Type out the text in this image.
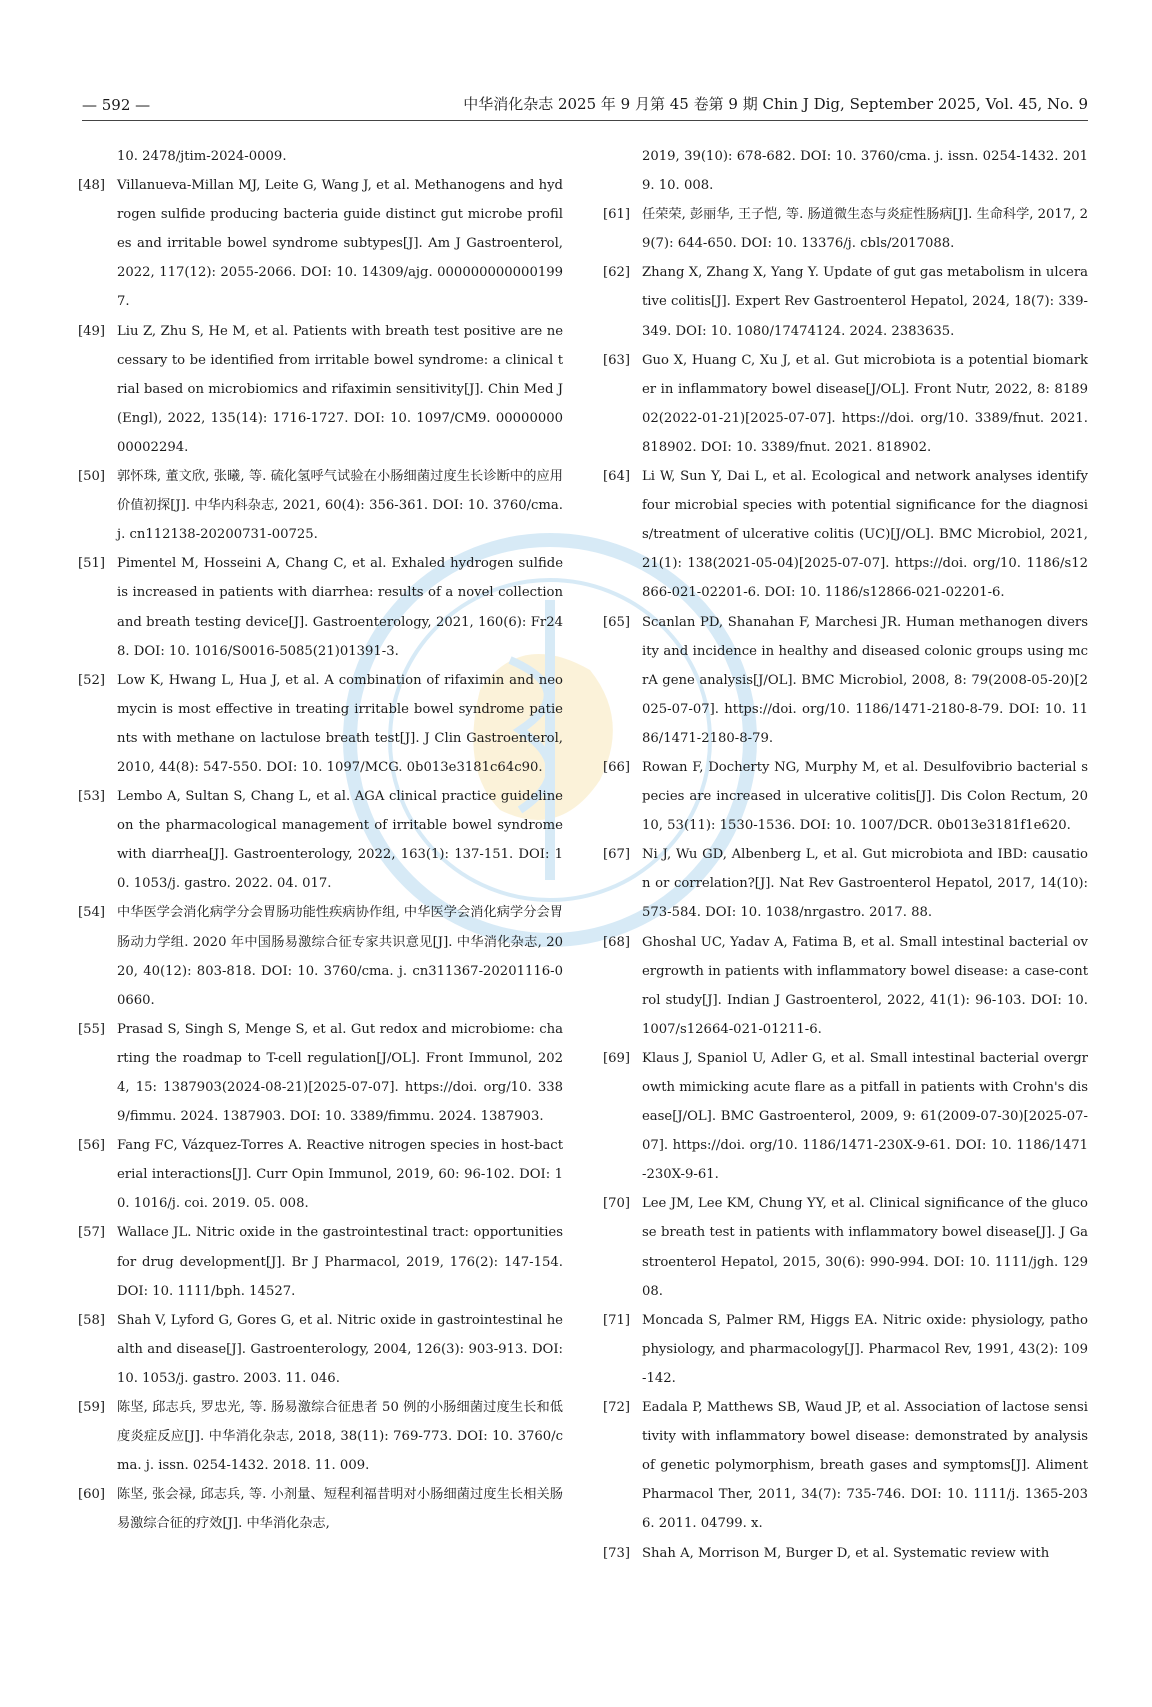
— 592 —	中华消化杂志 2025 年 9 月第 45 卷第 9 期 Chin J Dig, September 2025, Vol. 45, No. 9
10. 2478/jtim-2024-0009.
[48] Villanueva-Millan MJ, Leite G, Wang J, et al. Methanogens and hydrogen sulfide producing bacteria guide distinct gut microbe profiles and irritable bowel syndrome subtypes[J]. Am J Gastroenterol, 2022, 117(12): 2055-2066. DOI: 10. 14309/ajg. 0000000000001997.
[49] Liu Z, Zhu S, He M, et al. Patients with breath test positive are necessary to be identified from irritable bowel syndrome: a clinical trial based on microbiomics and rifaximin sensitivity[J]. Chin Med J (Engl), 2022, 135(14): 1716-1727. DOI: 10. 1097/CM9. 0000000000002294.
[50] 郭怀珠, 董文欣, 张曦, 等. 硫化氢呼气试验在小肠细菌过度生长诊断中的应用价值初探[J]. 中华内科杂志, 2021, 60(4): 356-361. DOI: 10. 3760/cma. j. cn112138-20200731-00725.
[51] Pimentel M, Hosseini A, Chang C, et al. Exhaled hydrogen sulfide is increased in patients with diarrhea: results of a novel collection and breath testing device[J]. Gastroenterology, 2021, 160(6): Fr248. DOI: 10. 1016/S0016-5085(21)01391-3.
[52] Low K, Hwang L, Hua J, et al. A combination of rifaximin and neomycin is most effective in treating irritable bowel syndrome patients with methane on lactulose breath test[J]. J Clin Gastroenterol, 2010, 44(8): 547-550. DOI: 10. 1097/MCG. 0b013e3181c64c90.
[53] Lembo A, Sultan S, Chang L, et al. AGA clinical practice guideline on the pharmacological management of irritable bowel syndrome with diarrhea[J]. Gastroenterology, 2022, 163(1): 137-151. DOI: 10. 1053/j. gastro. 2022. 04. 017.
[54] 中华医学会消化病学分会胃肠功能性疾病协作组, 中华医学会消化病学分会胃肠动力学组. 2020 年中国肠易激综合征专家共识意见[J]. 中华消化杂志, 2020, 40(12): 803-818. DOI: 10. 3760/cma. j. cn311367-20201116-00660.
[55] Prasad S, Singh S, Menge S, et al. Gut redox and microbiome: charting the roadmap to T-cell regulation[J/OL]. Front Immunol, 2024, 15: 1387903(2024-08-21)[2025-07-07]. https://doi. org/10. 3389/fimmu. 2024. 1387903. DOI: 10. 3389/fimmu. 2024. 1387903.
[56] Fang FC, Vázquez-Torres A. Reactive nitrogen species in host-bacterial interactions[J]. Curr Opin Immunol, 2019, 60: 96-102. DOI: 10. 1016/j. coi. 2019. 05. 008.
[57] Wallace JL. Nitric oxide in the gastrointestinal tract: opportunities for drug development[J]. Br J Pharmacol, 2019, 176(2): 147-154. DOI: 10. 1111/bph. 14527.
[58] Shah V, Lyford G, Gores G, et al. Nitric oxide in gastrointestinal health and disease[J]. Gastroenterology, 2004, 126(3): 903-913. DOI: 10. 1053/j. gastro. 2003. 11. 046.
[59] 陈坚, 邱志兵, 罗忠光, 等. 肠易激综合征患者 50 例的小肠细菌过度生长和低度炎症反应[J]. 中华消化杂志, 2018, 38(11): 769-773. DOI: 10. 3760/cma. j. issn. 0254-1432. 2018. 11. 009.
[60] 陈坚, 张会禄, 邱志兵, 等. 小剂量、短程利福昔明对小肠细菌过度生长相关肠易激综合征的疗效[J]. 中华消化杂志,
2019, 39(10): 678-682. DOI: 10. 3760/cma. j. issn. 0254-1432. 2019. 10. 008.
[61] 任荣荣, 彭丽华, 王子恺, 等. 肠道微生态与炎症性肠病[J]. 生命科学, 2017, 29(7): 644-650. DOI: 10. 13376/j. cbls/2017088.
[62] Zhang X, Zhang X, Yang Y. Update of gut gas metabolism in ulcerative colitis[J]. Expert Rev Gastroenterol Hepatol, 2024, 18(7): 339-349. DOI: 10. 1080/17474124. 2024. 2383635.
[63] Guo X, Huang C, Xu J, et al. Gut microbiota is a potential biomarker in inflammatory bowel disease[J/OL]. Front Nutr, 2022, 8: 818902(2022-01-21)[2025-07-07]. https://doi. org/10. 3389/fnut. 2021. 818902. DOI: 10. 3389/fnut. 2021. 818902.
[64] Li W, Sun Y, Dai L, et al. Ecological and network analyses identify four microbial species with potential significance for the diagnosis/treatment of ulcerative colitis (UC)[J/OL]. BMC Microbiol, 2021, 21(1): 138(2021-05-04)[2025-07-07]. https://doi. org/10. 1186/s12866-021-02201-6. DOI: 10. 1186/s12866-021-02201-6.
[65] Scanlan PD, Shanahan F, Marchesi JR. Human methanogen diversity and incidence in healthy and diseased colonic groups using mcrA gene analysis[J/OL]. BMC Microbiol, 2008, 8: 79(2008-05-20)[2025-07-07]. https://doi. org/10. 1186/1471-2180-8-79. DOI: 10. 1186/1471-2180-8-79.
[66] Rowan F, Docherty NG, Murphy M, et al. Desulfovibrio bacterial species are increased in ulcerative colitis[J]. Dis Colon Rectum, 2010, 53(11): 1530-1536. DOI: 10. 1007/DCR. 0b013e3181f1e620.
[67] Ni J, Wu GD, Albenberg L, et al. Gut microbiota and IBD: causation or correlation?[J]. Nat Rev Gastroenterol Hepatol, 2017, 14(10): 573-584. DOI: 10. 1038/nrgastro. 2017. 88.
[68] Ghoshal UC, Yadav A, Fatima B, et al. Small intestinal bacterial overgrowth in patients with inflammatory bowel disease: a case-control study[J]. Indian J Gastroenterol, 2022, 41(1): 96-103. DOI: 10. 1007/s12664-021-01211-6.
[69] Klaus J, Spaniol U, Adler G, et al. Small intestinal bacterial overgrowth mimicking acute flare as a pitfall in patients with Crohn's disease[J/OL]. BMC Gastroenterol, 2009, 9: 61(2009-07-30)[2025-07-07]. https://doi. org/10. 1186/1471-230X-9-61. DOI: 10. 1186/1471-230X-9-61.
[70] Lee JM, Lee KM, Chung YY, et al. Clinical significance of the glucose breath test in patients with inflammatory bowel disease[J]. J Gastroenterol Hepatol, 2015, 30(6): 990-994. DOI: 10. 1111/jgh. 12908.
[71] Moncada S, Palmer RM, Higgs EA. Nitric oxide: physiology, pathophysiology, and pharmacology[J]. Pharmacol Rev, 1991, 43(2): 109-142.
[72] Eadala P, Matthews SB, Waud JP, et al. Association of lactose sensitivity with inflammatory bowel disease: demonstrated by analysis of genetic polymorphism, breath gases and symptoms[J]. Aliment Pharmacol Ther, 2011, 34(7): 735-746. DOI: 10. 1111/j. 1365-2036. 2011. 04799. x.
[73] Shah A, Morrison M, Burger D, et al. Systematic review with
